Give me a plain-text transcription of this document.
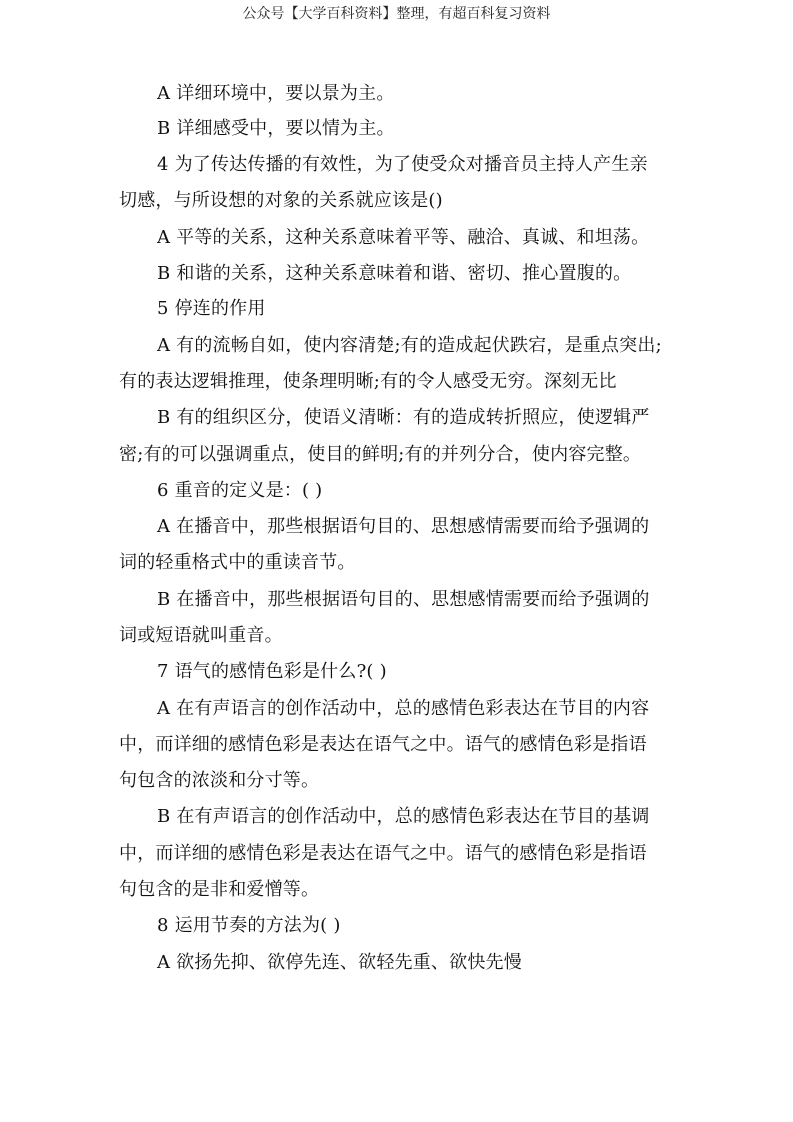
公众号【大学百科资料】整理，有超百科复习资料
A 详细环境中，要以景为主。
B 详细感受中，要以情为主。
4 为了传达传播的有效性，为了使受众对播音员主持人产生亲
切感，与所设想的对象的关系就应该是()
A 平等的关系，这种关系意味着平等、融洽、真诚、和坦荡。
B 和谐的关系，这种关系意味着和谐、密切、推心置腹的。
5 停连的作用
A 有的流畅自如，使内容清楚;有的造成起伏跌宕，是重点突出;
有的表达逻辑推理，使条理明晰;有的令人感受无穷。深刻无比
B 有的组织区分，使语义清晰：有的造成转折照应，使逻辑严
密;有的可以强调重点，使目的鲜明;有的并列分合，使内容完整。
6 重音的定义是：( )
A 在播音中，那些根据语句目的、思想感情需要而给予强调的
词的轻重格式中的重读音节。
B 在播音中，那些根据语句目的、思想感情需要而给予强调的
词或短语就叫重音。
7 语气的感情色彩是什么?( )
A 在有声语言的创作活动中，总的感情色彩表达在节目的内容
中，而详细的感情色彩是表达在语气之中。语气的感情色彩是指语
句包含的浓淡和分寸等。
B 在有声语言的创作活动中，总的感情色彩表达在节目的基调
中，而详细的感情色彩是表达在语气之中。语气的感情色彩是指语
句包含的是非和爱憎等。
8 运用节奏的方法为( )
A 欲扬先抑、欲停先连、欲轻先重、欲快先慢
